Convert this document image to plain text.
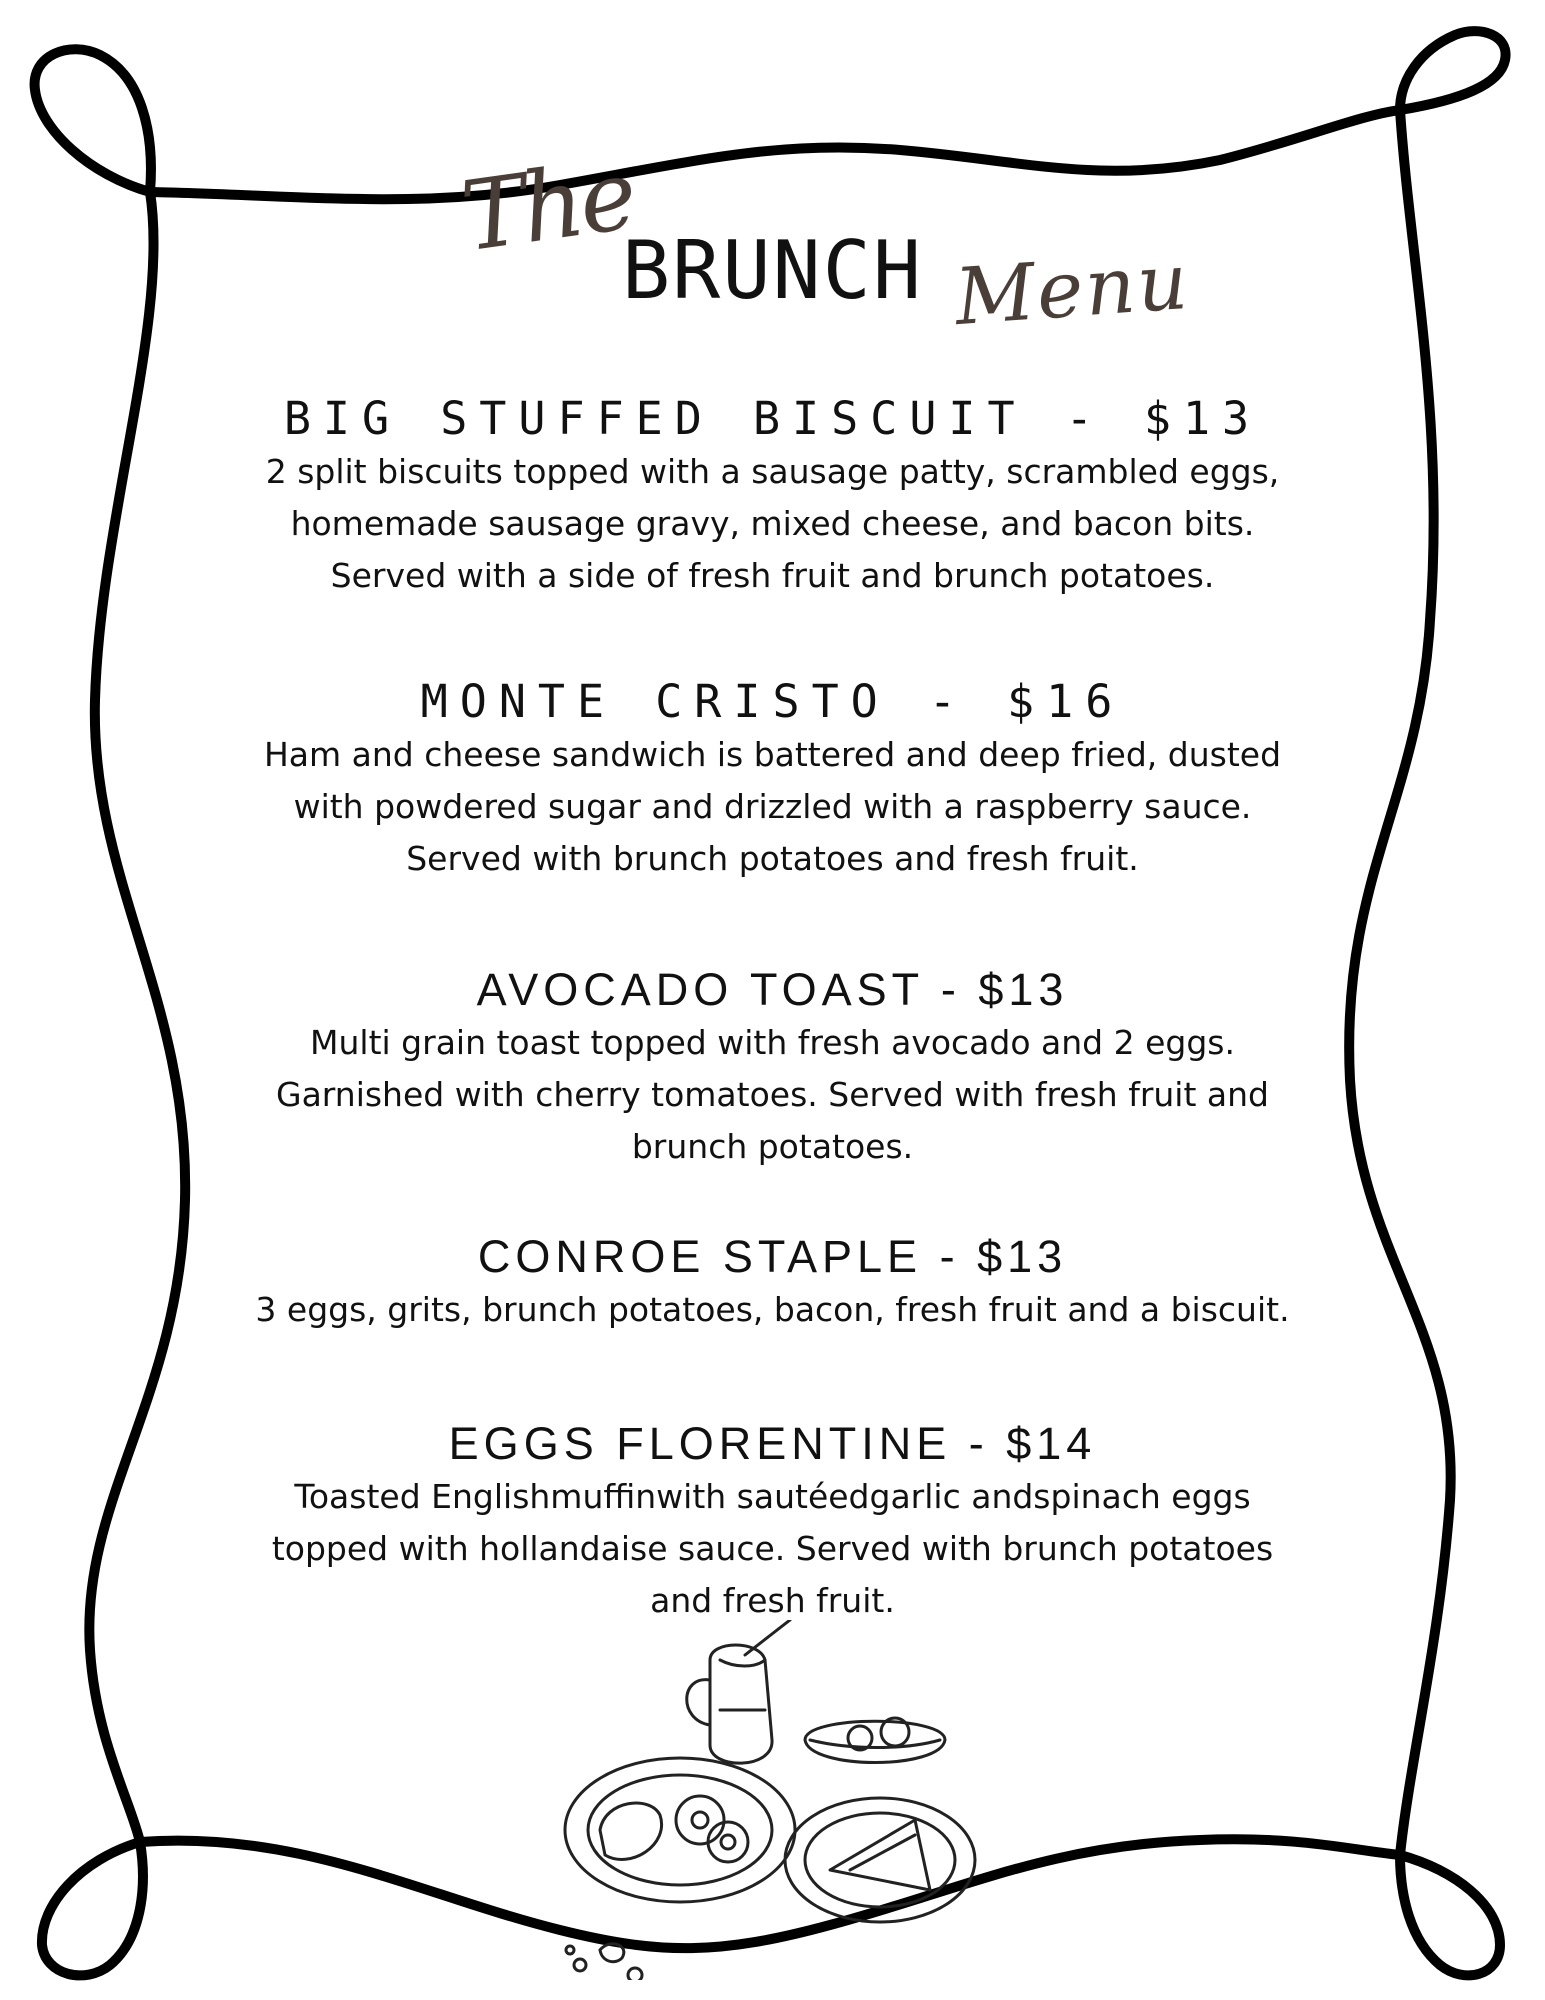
The
BRUNCH Menu

BIG STUFFED BISCUIT - $13

2 split biscuits topped with a sausage patty, scrambled eggs,
homemade sausage gravy, mixed cheese, and bacon bits.
Served with a side of fresh fruit and brunch potatoes.

MONTE CRISTO - $16

Ham and cheese sandwich is battered and deep fried, dusted
with powdered sugar and drizzled with a raspberry sauce.
Served with brunch potatoes and fresh fruit.

AVOCADO TOAST - $13

Multi grain toast topped with fresh avocado and 2 eggs.
Garnished with cherry tomatoes. Served with fresh fruit and
brunch potatoes.

CONROE STAPLE - $13

3 eggs, grits, brunch potatoes, bacon, fresh fruit and a biscuit.

EGGS FLORENTINE - $14

Toasted Englishmuffinwith sautéedgarlic andspinach eggs
topped with hollandaise sauce. Served with brunch potatoes
and fresh fruit.
